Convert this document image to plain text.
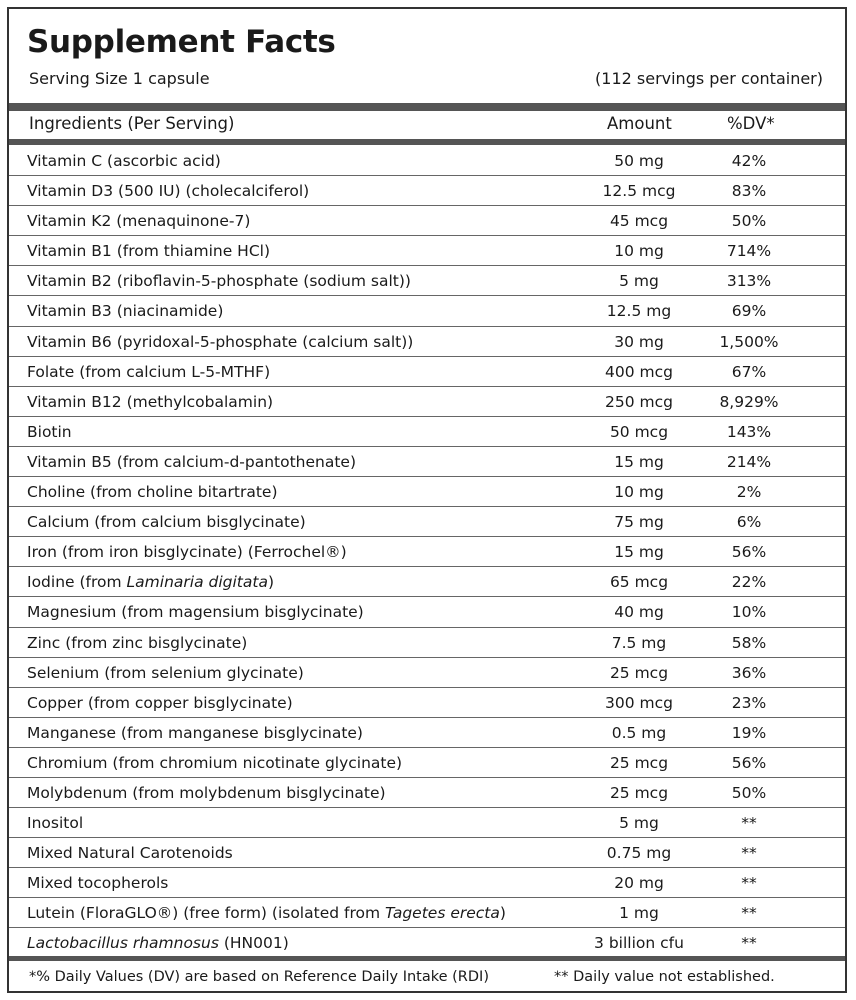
Supplement Facts
Serving Size 1 capsule	(112 servings per container)
Ingredients (Per Serving)	Amount	%DV*
Vitamin C (ascorbic acid)	50 mg	42%
Vitamin D3 (500 IU) (cholecalciferol)	12.5 mcg	83%
Vitamin K2 (menaquinone-7)	45 mcg	50%
Vitamin B1 (from thiamine HCl)	10 mg	714%
Vitamin B2 (riboflavin-5-phosphate (sodium salt))	5 mg	313%
Vitamin B3 (niacinamide)	12.5 mg	69%
Vitamin B6 (pyridoxal-5-phosphate (calcium salt))	30 mg	1,500%
Folate (from calcium L-5-MTHF)	400 mcg	67%
Vitamin B12 (methylcobalamin)	250 mcg	8,929%
Biotin	50 mcg	143%
Vitamin B5 (from calcium-d-pantothenate)	15 mg	214%
Choline (from choline bitartrate)	10 mg	2%
Calcium (from calcium bisglycinate)	75 mg	6%
Iron (from iron bisglycinate) (Ferrochel®)	15 mg	56%
Iodine (from Laminaria digitata)	65 mcg	22%
Magnesium (from magensium bisglycinate)	40 mg	10%
Zinc (from zinc bisglycinate)	7.5 mg	58%
Selenium (from selenium glycinate)	25 mcg	36%
Copper (from copper bisglycinate)	300 mcg	23%
Manganese (from manganese bisglycinate)	0.5 mg	19%
Chromium (from chromium nicotinate glycinate)	25 mcg	56%
Molybdenum (from molybdenum bisglycinate)	25 mcg	50%
Inositol	5 mg	**
Mixed Natural Carotenoids	0.75 mg	**
Mixed tocopherols	20 mg	**
Lutein (FloraGLO®) (free form) (isolated from Tagetes erecta)	1 mg	**
Lactobacillus rhamnosus (HN001)	3 billion cfu	**
*% Daily Values (DV) are based on Reference Daily Intake (RDI)	** Daily value not established.
